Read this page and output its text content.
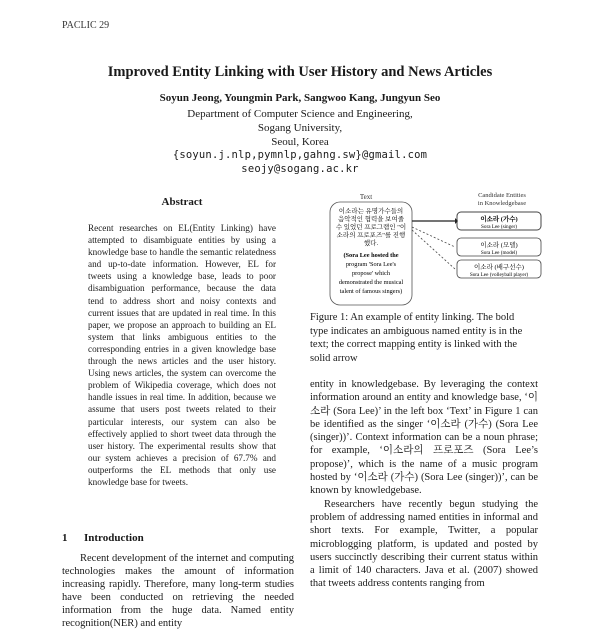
PACLIC 29
Improved Entity Linking with User History and News Articles
Soyun Jeong, Youngmin Park, Sangwoo Kang, Jungyun Seo
Department of Computer Science and Engineering,
Sogang University,
Seoul, Korea
{soyun.j.nlp,pymnlp,gahng.sw}@gmail.com
seojy@sogang.ac.kr
Abstract
Recent researches on EL(Entity Linking) have attempted to disambiguate entities by using a knowledge base to handle the semantic relatedness and up-to-date information. However, EL for tweets using a knowledge base, leads to poor disambiguation performance, because the data tend to address short and noisy contexts and current issues that are updated in real time. In this paper, we propose an approach to building an EL system that links ambiguous entities to the corresponding entries in a given knowledge base through the news articles and the user history. Using news articles, the system can overcome the problem of Wikipedia coverage, which does not handle issues in real time. In addition, because we assume that users post tweets related to their particular interests, our system can also be effectively applied to short tweet data through the user history. The experimental results show that our system achieves a precision of 67.7% and outperforms the EL methods that only use knowledge base for tweets.
1 Introduction
Recent development of the internet and computing technologies makes the amount of information increasing rapidly. Therefore, many long-term studies have been conducted on retrieving the needed information from the huge data. Named entity recognition(NER) and entity
Text	Candidate Entities
in Knowledgebase
이소라는 유명가수들의
음악적인 협력을 보여줄
수 있었던 프로그램인 "이
소라의 프로포즈"를 진행
했다.
(Sora Lee hosted the
program 'Sora Lee's
propose' which
demonstrated the musical
talent of famous singers)
이소라 (가수)
Sora Lee (singer)
이소라 (모델)
Sora Lee (model)
이소라 (배구선수)
Sora Lee (volleyball player)
Figure 1: An example of entity linking. The bold type indicates an ambiguous named entity is in the text; the correct mapping entity is linked with the solid arrow

entity in knowledgebase. By leveraging the context information around an entity and knowledge base, ‘이소라 (Sora Lee)’ in the left box ‘Text’ in Figure 1 can be identified as the singer ‘이소라 (가수) (Sora Lee (singer))’. Context information can be a noun phrase; for example, ‘이소라의 프로포즈 (Sora Lee’s propose)’, which is the name of a music program hosted by ‘이소라 (가수) (Sora Lee (singer))’, can be known by knowledgebase.

Researchers have recently begun studying the problem of addressing named entities in informal and short texts. For example, Twitter, a popular microblogging platform, is updated and posted by users succinctly describing their current status within a limit of 140 characters. Java et al. (2007) showed that tweets address contents ranging from
